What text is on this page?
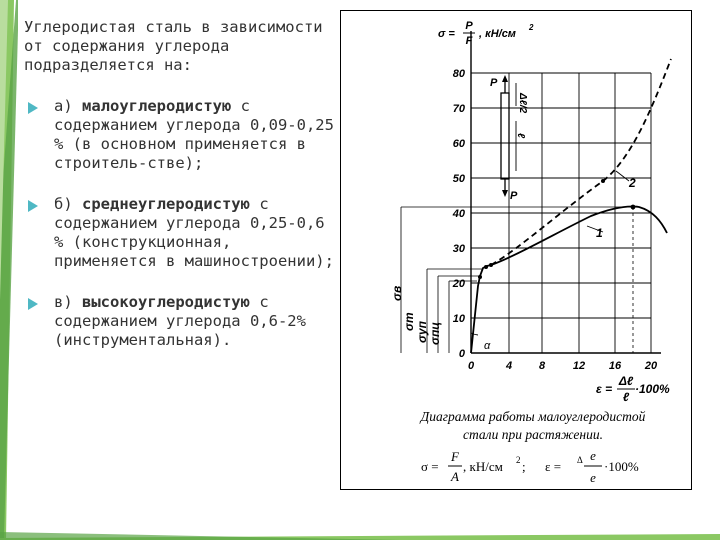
Углеродистая сталь в зависимости от содержания углерода подразделяется на:

а) малоуглеродистую с содержанием углерода 0,09-0,25 % (в основном применяется в строитель-стве);
б) среднеуглеродистую с содержанием углерода 0,25-0,6 % (конструкционная, применяется в машиностроении);
в) высокоуглеродистую с содержанием углерода 0,6-2% (инструментальная).
0
10
20
30
40
50
60
70
80
0	4 8	12 16 20
σ =
P
F
, кН/см
2
P
Δℓ/2
ℓ
P
σв
σт σуп σпц
1
2
α
ε =
Δℓ
ℓ
·100%
Диаграмма работы малоуглеродистой
стали при растяжении.
σ =
F
A
, кН/см 2 ; ε = Δ e
e
·100%
